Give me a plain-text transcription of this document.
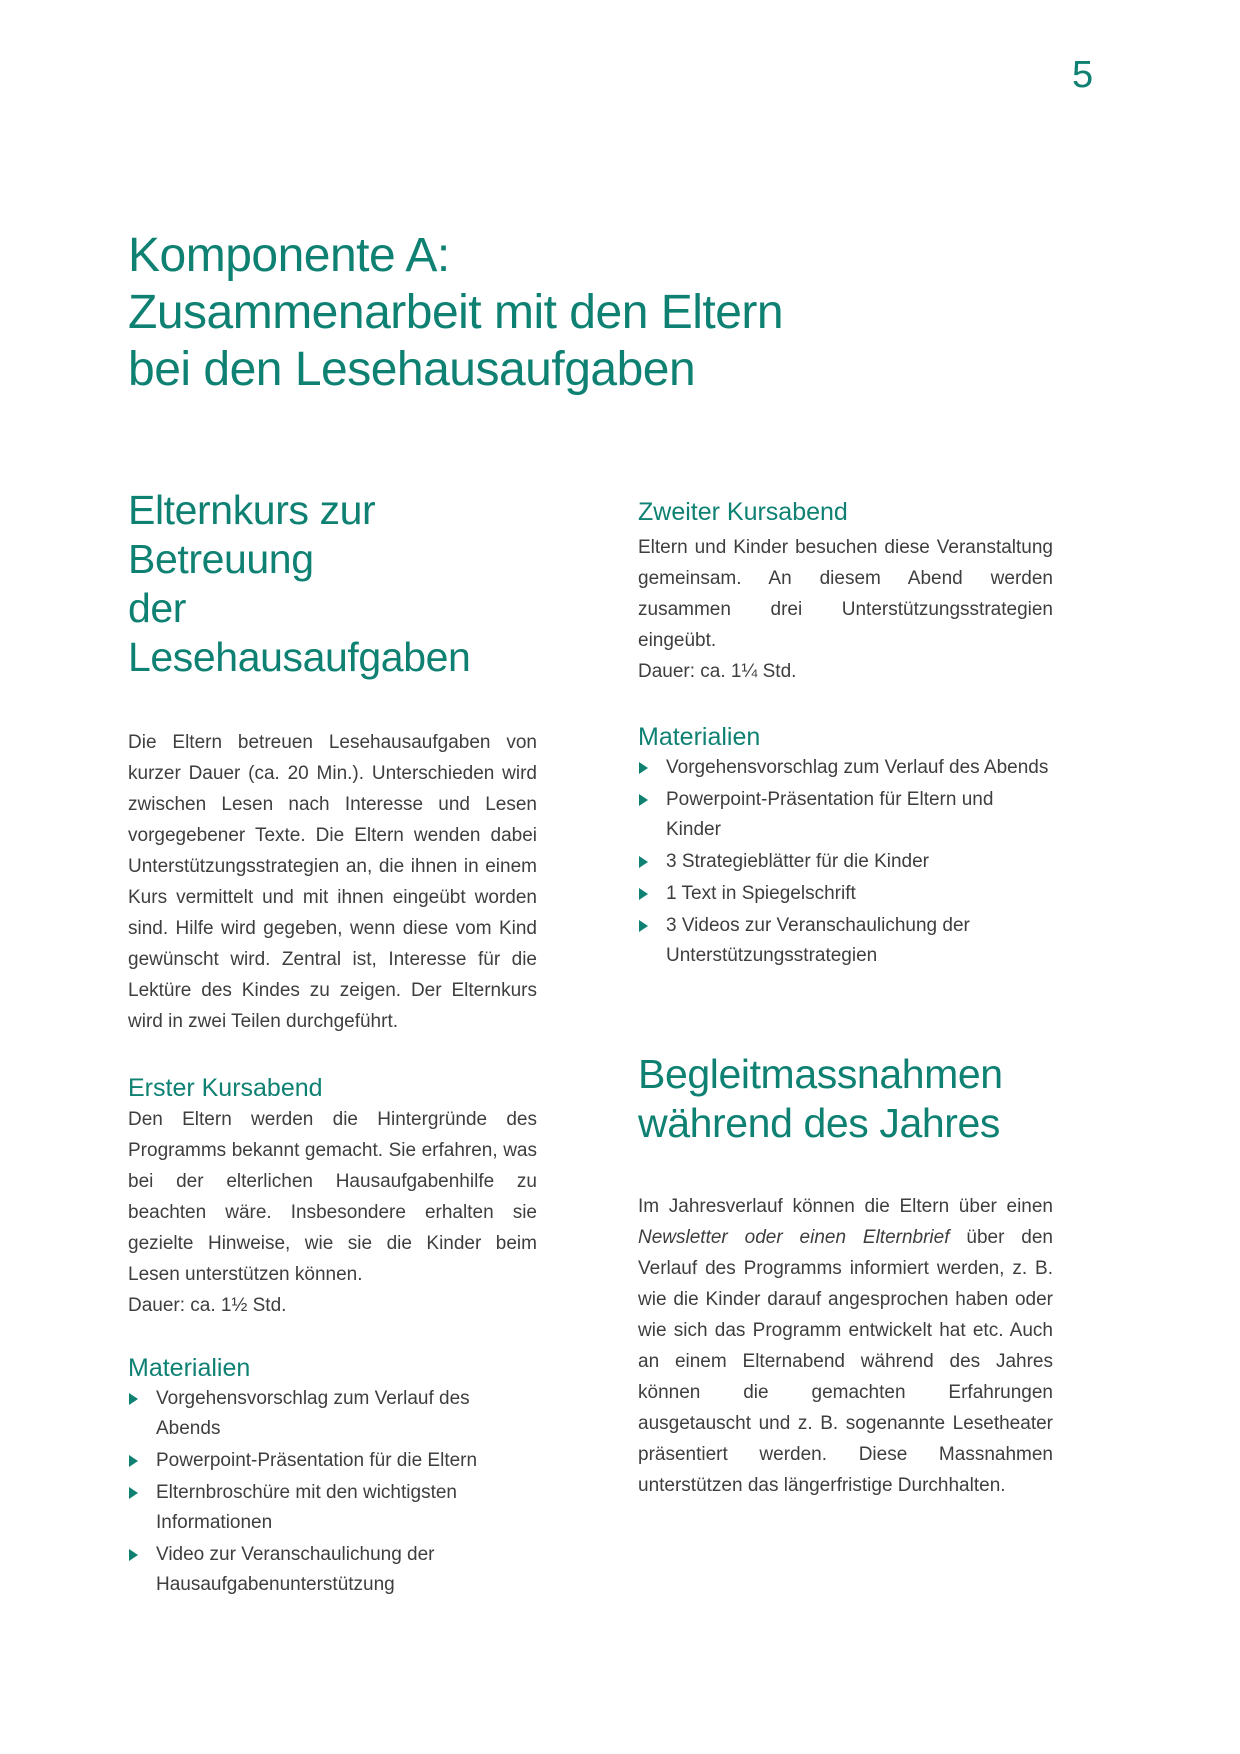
5
Komponente A:
Zusammenarbeit mit den Eltern
bei den Lesehausaufgaben
Elternkurs zur Betreuung
der Lesehausaufgaben

Die Eltern betreuen Lesehausaufgaben von kurzer Dauer (ca. 20 Min.). Unterschieden wird zwischen Lesen nach Interesse und Lesen vorgegebener Texte. Die Eltern wenden dabei Unterstützungsstrategien an, die ihnen in einem Kurs vermittelt und mit ihnen eingeübt worden sind. Hilfe wird gegeben, wenn diese vom Kind gewünscht wird. Zentral ist, Interesse für die Lektüre des Kindes zu zeigen. Der Elternkurs wird in zwei Teilen durchgeführt.

Erster Kursabend

Den Eltern werden die Hintergründe des Programms bekannt gemacht. Sie erfahren, was bei der elterlichen Hausaufgabenhilfe zu beachten wäre. Insbesondere erhalten sie gezielte Hinweise, wie sie die Kinder beim Lesen unterstützen können.

Dauer: ca. 1½ Std.
Materialien
Vorgehensvorschlag zum Verlauf des Abends
Powerpoint-Präsentation für die Eltern
Elternbroschüre mit den wichtigsten Informationen
Video zur Veranschaulichung der Hausaufgabenunterstützung
Zweiter Kursabend

Eltern und Kinder besuchen diese Veranstaltung gemeinsam. An diesem Abend werden zusammen drei Unterstützungsstrategien eingeübt.

Dauer: ca. 1¼ Std.
Materialien
Vorgehensvorschlag zum Verlauf des Abends
Powerpoint-Präsentation für Eltern und Kinder
3 Strategieblätter für die Kinder
1 Text in Spiegelschrift
3 Videos zur Veranschaulichung der Unterstützungsstrategien
Begleitmassnahmen
während des Jahres

Im Jahresverlauf können die Eltern über einen Newsletter oder einen Elternbrief über den Verlauf des Programms informiert werden, z. B. wie die Kinder darauf angesprochen haben oder wie sich das Programm entwickelt hat etc. Auch an einem Elternabend während des Jahres können die gemachten Erfahrungen ausgetauscht und z. B. sogenannte Lesetheater präsentiert werden. Diese Massnahmen unterstützen das längerfristige Durchhalten.
